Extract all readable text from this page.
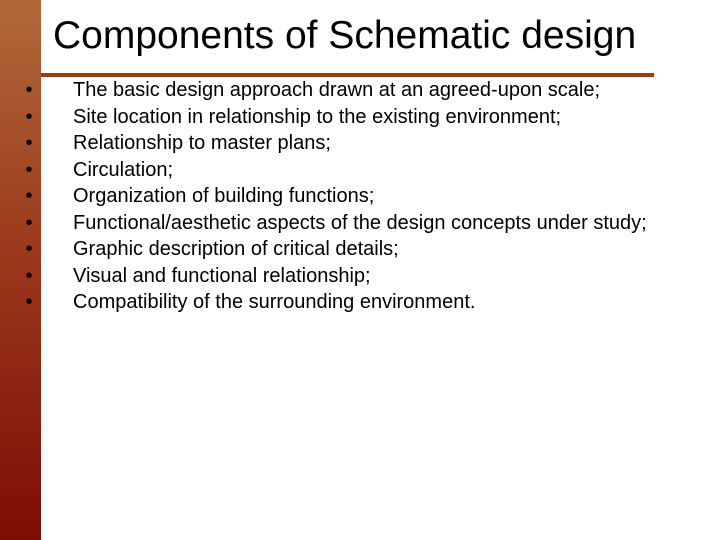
Components of Schematic design
• The basic design approach drawn at an agreed-upon scale;
• Site location in relationship to the existing environment;
• Relationship to master plans;
• Circulation;
• Organization of building functions;
• Functional/aesthetic aspects of the design concepts under study;
• Graphic description of critical details;
• Visual and functional relationship;
• Compatibility of the surrounding environment.
